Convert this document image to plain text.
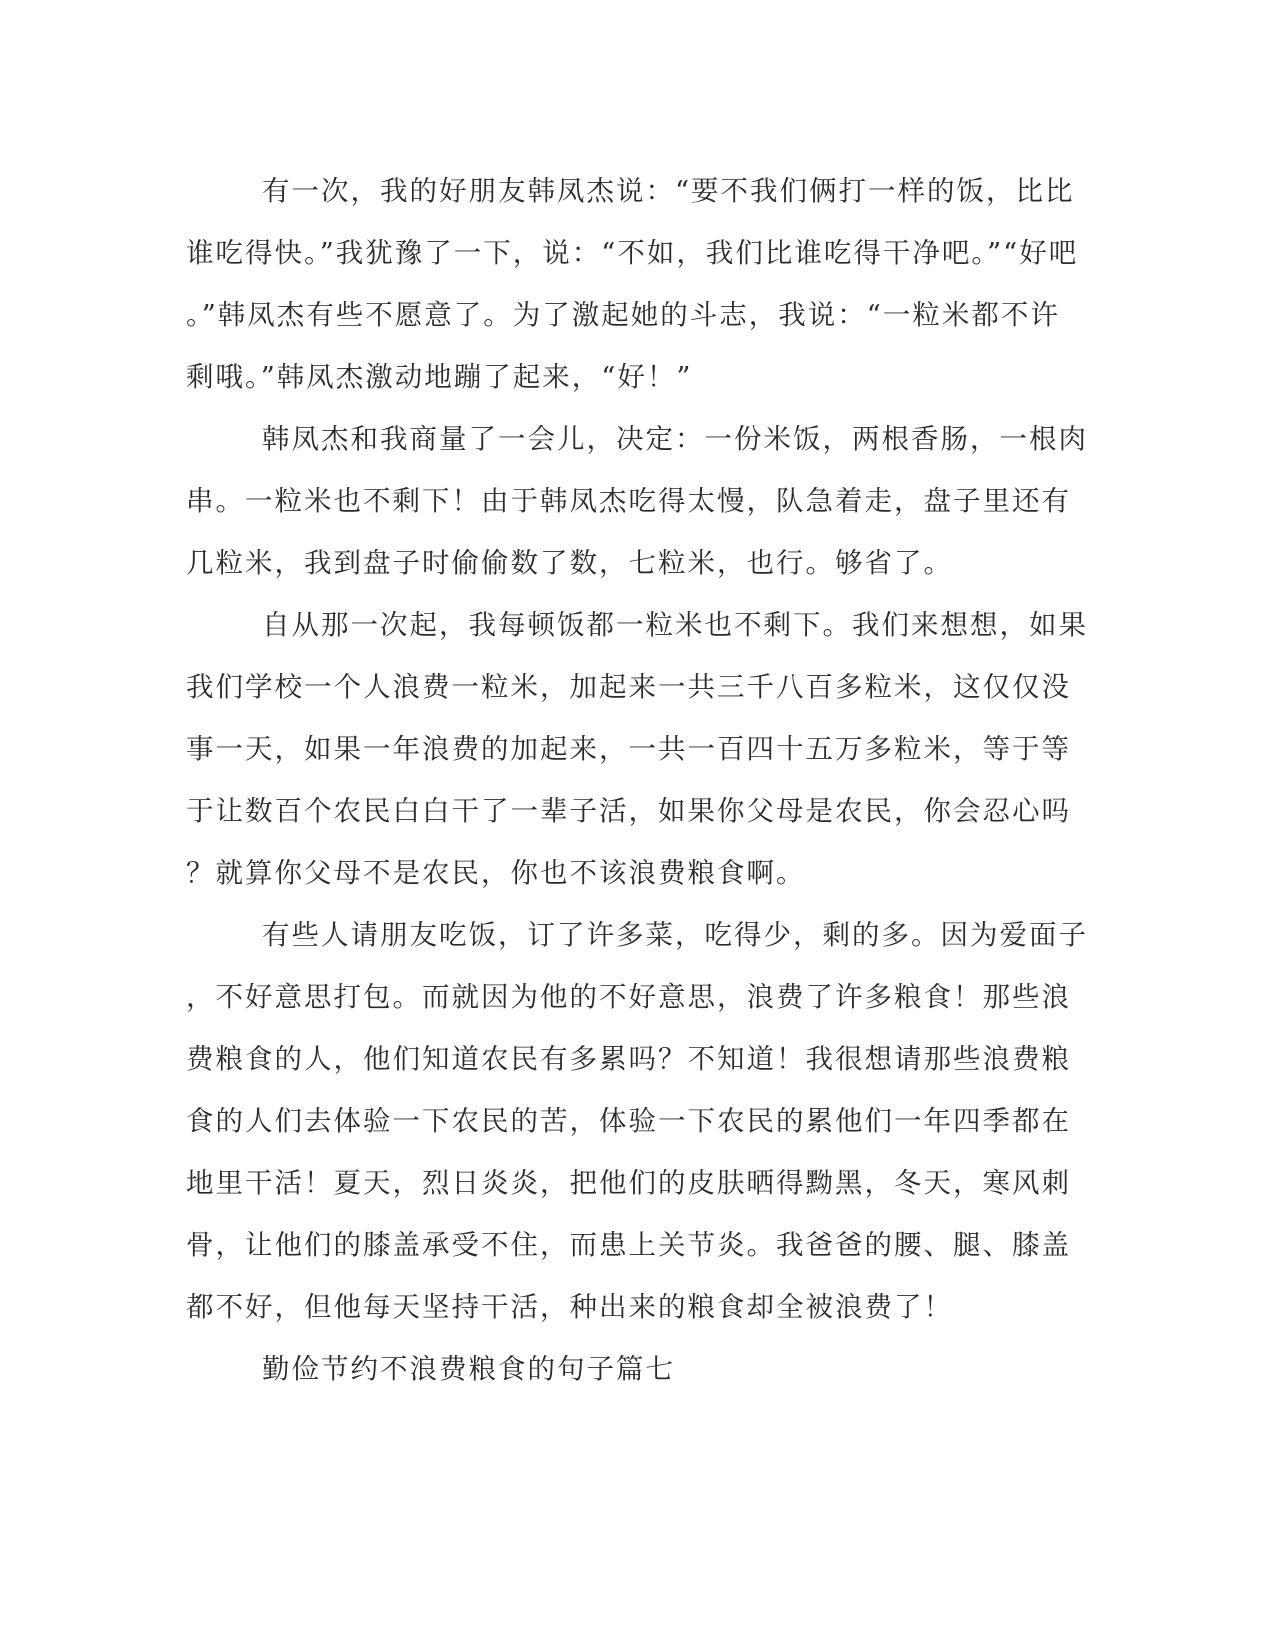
有一次，我的好朋友韩凤杰说：“要不我们俩打一样的饭，比比
谁吃得快。”我犹豫了一下，说：“不如，我们比谁吃得干净吧。”“好吧
。”韩凤杰有些不愿意了。为了激起她的斗志，我说：“一粒米都不许
剩哦。”韩凤杰激动地蹦了起来，“好！”
韩凤杰和我商量了一会儿，决定：一份米饭，两根香肠，一根肉
串。一粒米也不剩下！由于韩凤杰吃得太慢，队急着走，盘子里还有
几粒米，我到盘子时偷偷数了数，七粒米，也行。够省了。
自从那一次起，我每顿饭都一粒米也不剩下。我们来想想，如果
我们学校一个人浪费一粒米，加起来一共三千八百多粒米，这仅仅没
事一天，如果一年浪费的加起来，一共一百四十五万多粒米，等于等
于让数百个农民白白干了一辈子活，如果你父母是农民，你会忍心吗
？就算你父母不是农民，你也不该浪费粮食啊。
有些人请朋友吃饭，订了许多菜，吃得少，剩的多。因为爱面子
，不好意思打包。而就因为他的不好意思，浪费了许多粮食！那些浪
费粮食的人，他们知道农民有多累吗？不知道！我很想请那些浪费粮
食的人们去体验一下农民的苦，体验一下农民的累他们一年四季都在
地里干活！夏天，烈日炎炎，把他们的皮肤晒得黝黑，冬天，寒风刺
骨，让他们的膝盖承受不住，而患上关节炎。我爸爸的腰、腿、膝盖
都不好，但他每天坚持干活，种出来的粮食却全被浪费了！
勤俭节约不浪费粮食的句子篇七
